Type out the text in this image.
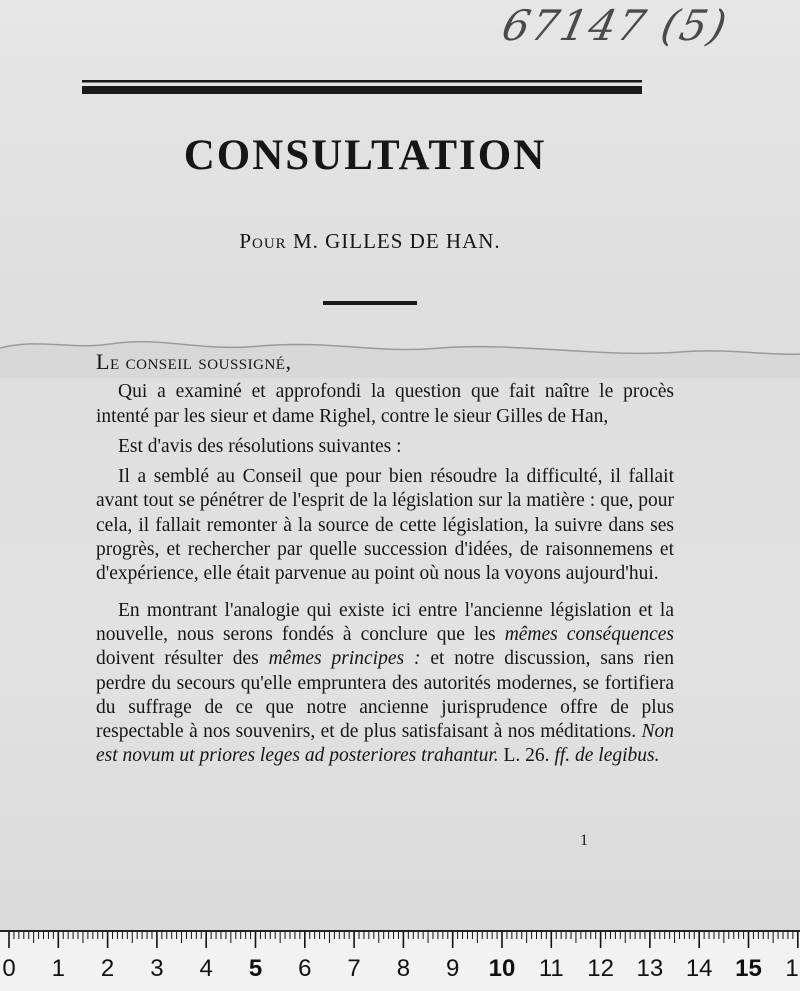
67147 (5)
CONSULTATION
Pour M. GILLES DE HAN.
Le conseil soussigné,

Qui a examiné et approfondi la question que fait naître le procès intenté par les sieur et dame Righel, contre le sieur Gilles de Han,

Est d'avis des résolutions suivantes :

Il a semblé au Conseil que pour bien résoudre la difficulté, il fallait avant tout se pénétrer de l'esprit de la législation sur la matière : que, pour cela, il fallait remonter à la source de cette législation, la suivre dans ses progrès, et rechercher par quelle succession d'idées, de raisonnemens et d'expérience, elle était parvenue au point où nous la voyons aujourd'hui.

En montrant l'analogie qui existe ici entre l'ancienne législation et la nouvelle, nous serons fondés à conclure que les mêmes conséquences doivent résulter des mêmes principes : et notre discussion, sans rien perdre du secours qu'elle empruntera des autorités modernes, se fortifiera du suffrage de ce que notre ancienne jurisprudence offre de plus respectable à nos souvenirs, et de plus satisfaisant à nos méditations. Non est novum ut priores leges ad posteriores trahantur. L. 26. ff. de legibus.

1
0 1 2 3 4 5 6 7 8 9 10 11 12 13 14 15 1
